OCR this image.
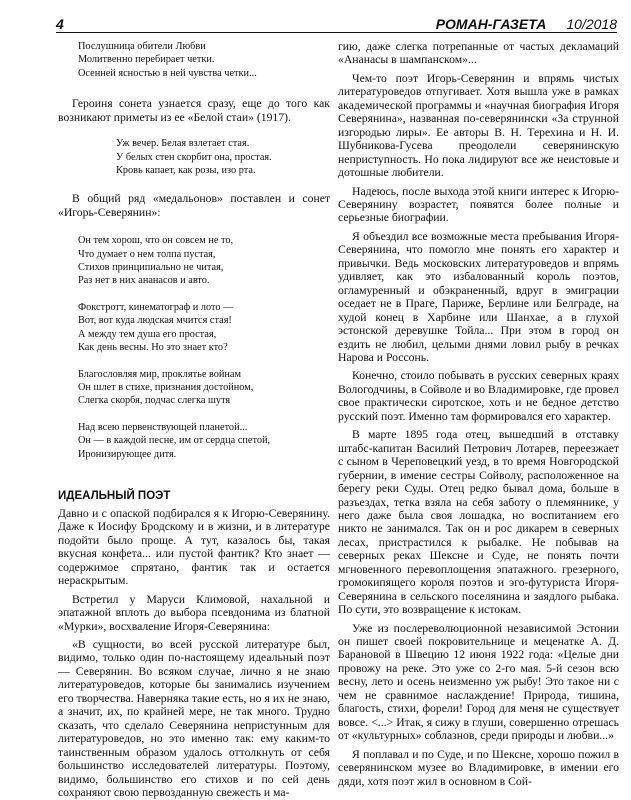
4	РОМАН-ГАЗЕТА 10/2018
Послушница обители Любви
Молитвенно перебирает четки.
Осенней ясностью в ней чувства четки...

Героиня сонета узнается сразу, еще до того как возникают приметы из ее «Белой стаи» (1917).

Уж вечер. Белая взлетает стая.
У белых стен скорбит она, простая.
Кровь капает, как розы, изо рта.

В общий ряд «медальонов» поставлен и сонет «Игорь-Северянин»:

Он тем хорош, что он совсем не то,
Что думает о нем толпа пустая,
Стихов принципиально не читая,
Раз нет в них ананасов и авто.
Фокстротт, кинематограф и лото —
Вот, вот куда людская мчится стая!
А между тем душа его простая,
Как день весны. Но это знает кто?
Благословляя мир, проклятье войнам
Он шлет в стихе, признания достойном,
Слегка скорбя, подчас слегка шутя
Над всею первенствующей планетой...
Он — в каждой песне, им от сердца спетой,
Иронизирующее дитя.
ИДЕАЛЬНЫЙ ПОЭТ

Давно и с опаской подбирался я к Игорю-Северянину. Даже к Иосифу Бродскому и в жизни, и в литературе подойти было проще. А тут, казалось бы, такая вкусная конфета... или пустой фантик? Кто знает — содержимое спрятано, фантик так и остается нераскрытым.

Встретил у Маруси Климовой, нахальной и эпатажной вплоть до выбора псевдонима из блатной «Мурки», восхваление Игоря-Северянина:

«В сущности, во всей русской литературе был, видимо, только один по-настоящему идеальный поэт — Северянин. Во всяком случае, лично я не знаю литературоведов, которые бы занимались изучением его творчества. Наверняка такие есть, но я их не знаю, а значит, их, по крайней мере, не так много. Трудно сказать, что сделало Северянина непристунным для литературоведов, но это именно так: ему каким-то таинственным образом удалось оттолкнуть от себя большинство исследователей литературы. Поэтому, видимо, большинство его стихов и по сей день сохраняют свою первозданную свежесть и ма-

гию, даже слегка потрепанные от частых декламаций «Ананасы в шампанском»...

Чем-то поэт Игорь-Северянин и впрямь чистых литературоведов отпугивает. Хотя вышла уже в рамках академической программы и «научная биография Игоря Северянина», названная по-северянински «За струнной изгородью лиры». Ее авторы В. Н. Терехина и Н. И. Шубникова-Гусева преодолели северянинскую неприступность. Но пока лидируют все же неистовые и дотошные любители.

Надеюсь, после выхода этой книги интерес к Игорю-Северянину возрастет, появятся более полные и серьезные биографии.

Я объездил все возможные места пребывания Игоря-Северянина, что помогло мне понять его характер и привычки. Ведь московских литературоведов и впрямь удивляет, как это избалованный король поэтов, огламуренный и обэкраненный, вдруг в эмиграции оседает не в Праге, Париже, Берлине или Белграде, на худой конец в Харбине или Шанхае, а в глухой эстонской деревушке Тойла... При этом в город он ездить не любил, целыми днями ловил рыбу в речках Нарова и Россонь.

Конечно, стоило побывать в русских северных краях Вологодчины, в Сойволе и во Владимировке, где провел свое практически сиротское, хоть и не бедное детство русский поэт. Именно там формировался его характер.

В марте 1895 года отец, вышедший в отставку штабс-капитан Василий Петрович Лотарев, переезжает с сыном в Череповецкий уезд, в то время Новгородской губернии, в имение сестры Сойволу, расположенное на берегу реки Суды. Отец редко бывал дома, больше в разъездах, тетка взяла на себя заботу о племяннике, у него даже была своя лошадка, но воспитанием его никто не занимался. Так он и рос дикарем в северных лесах, пристрастился к рыбалке. Не побывав на северных реках Шексне и Суде, не понять почти мгновенного перевоплощения эпатажного. грезерного, громокипящего короля поэтов и эго-футуриста Игоря-Северянина в сельского поселянина и заядлого рыбака. По сути, это возвращение к истокам.

Уже из послереволюционной независимой Эстонии он пишет своей покровительнице и меценатке А. Д. Барановой в Швецию 12 июня 1922 года: «Целые дни провожу на реке. Это уже со 2-го мая. 5-й сезон всю весну, лето и осень неизменно уж рыбу! Это такое ни с чем не сравнимое наслаждение! Природа, тишина, благость, стихи, форели! Город для меня не существует вовсе. <...> Итак, я сижу в глуши, совершенно отрешась от «культурных» соблазнов, среди природы и любви...»

Я поплавал и по Суде, и по Шексне, хорошо пожил в северянинском музее во Владимировке, в имении его дяди, хотя поэт жил в основном в Сой-
